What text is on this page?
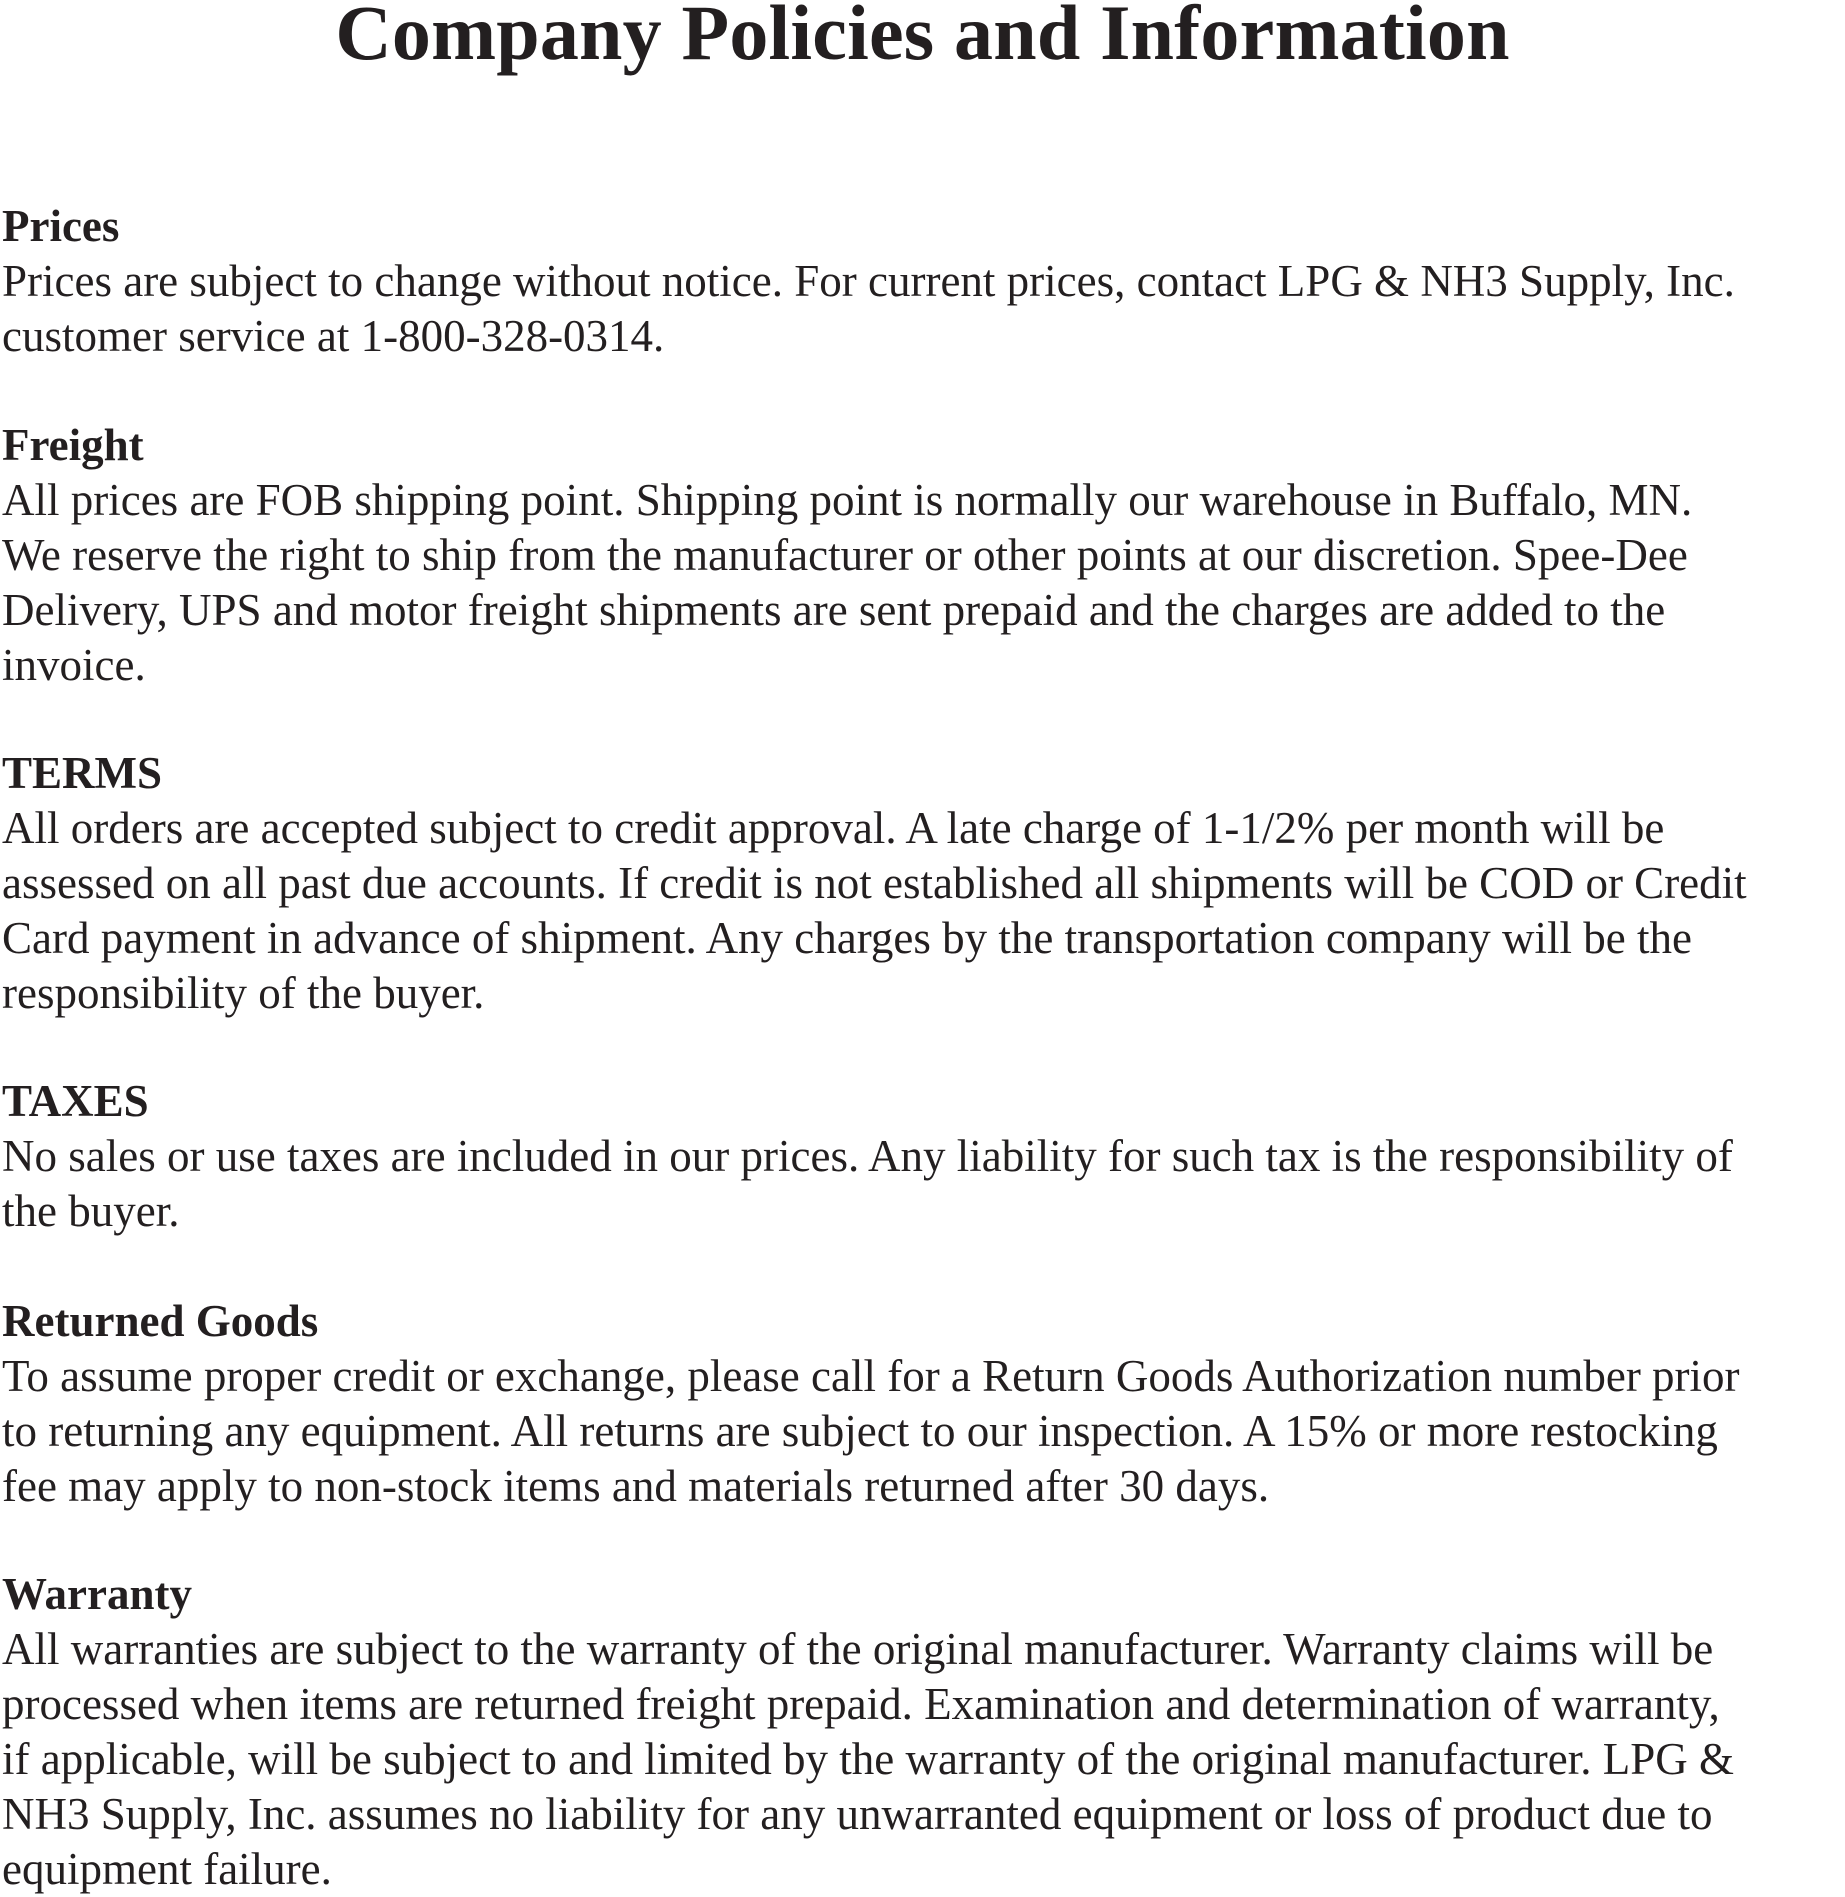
Company Policies and Information
Prices
Prices are subject to change without notice. For current prices, contact LPG & NH3 Supply, Inc.
customer service at 1-800-328-0314.
Freight
All prices are FOB shipping point. Shipping point is normally our warehouse in Buffalo, MN.
We reserve the right to ship from the manufacturer or other points at our discretion. Spee-Dee
Delivery, UPS and motor freight shipments are sent prepaid and the charges are added to the
invoice.
TERMS
All orders are accepted subject to credit approval. A late charge of 1-1/2% per month will be
assessed on all past due accounts. If credit is not established all shipments will be COD or Credit
Card payment in advance of shipment. Any charges by the transportation company will be the
responsibility of the buyer.
TAXES
No sales or use taxes are included in our prices. Any liability for such tax is the responsibility of
the buyer.
Returned Goods
To assume proper credit or exchange, please call for a Return Goods Authorization number prior
to returning any equipment. All returns are subject to our inspection. A 15% or more restocking
fee may apply to non-stock items and materials returned after 30 days.
Warranty
All warranties are subject to the warranty of the original manufacturer. Warranty claims will be
processed when items are returned freight prepaid. Examination and determination of warranty,
if applicable, will be subject to and limited by the warranty of the original manufacturer. LPG &
NH3 Supply, Inc. assumes no liability for any unwarranted equipment or loss of product due to
equipment failure.
